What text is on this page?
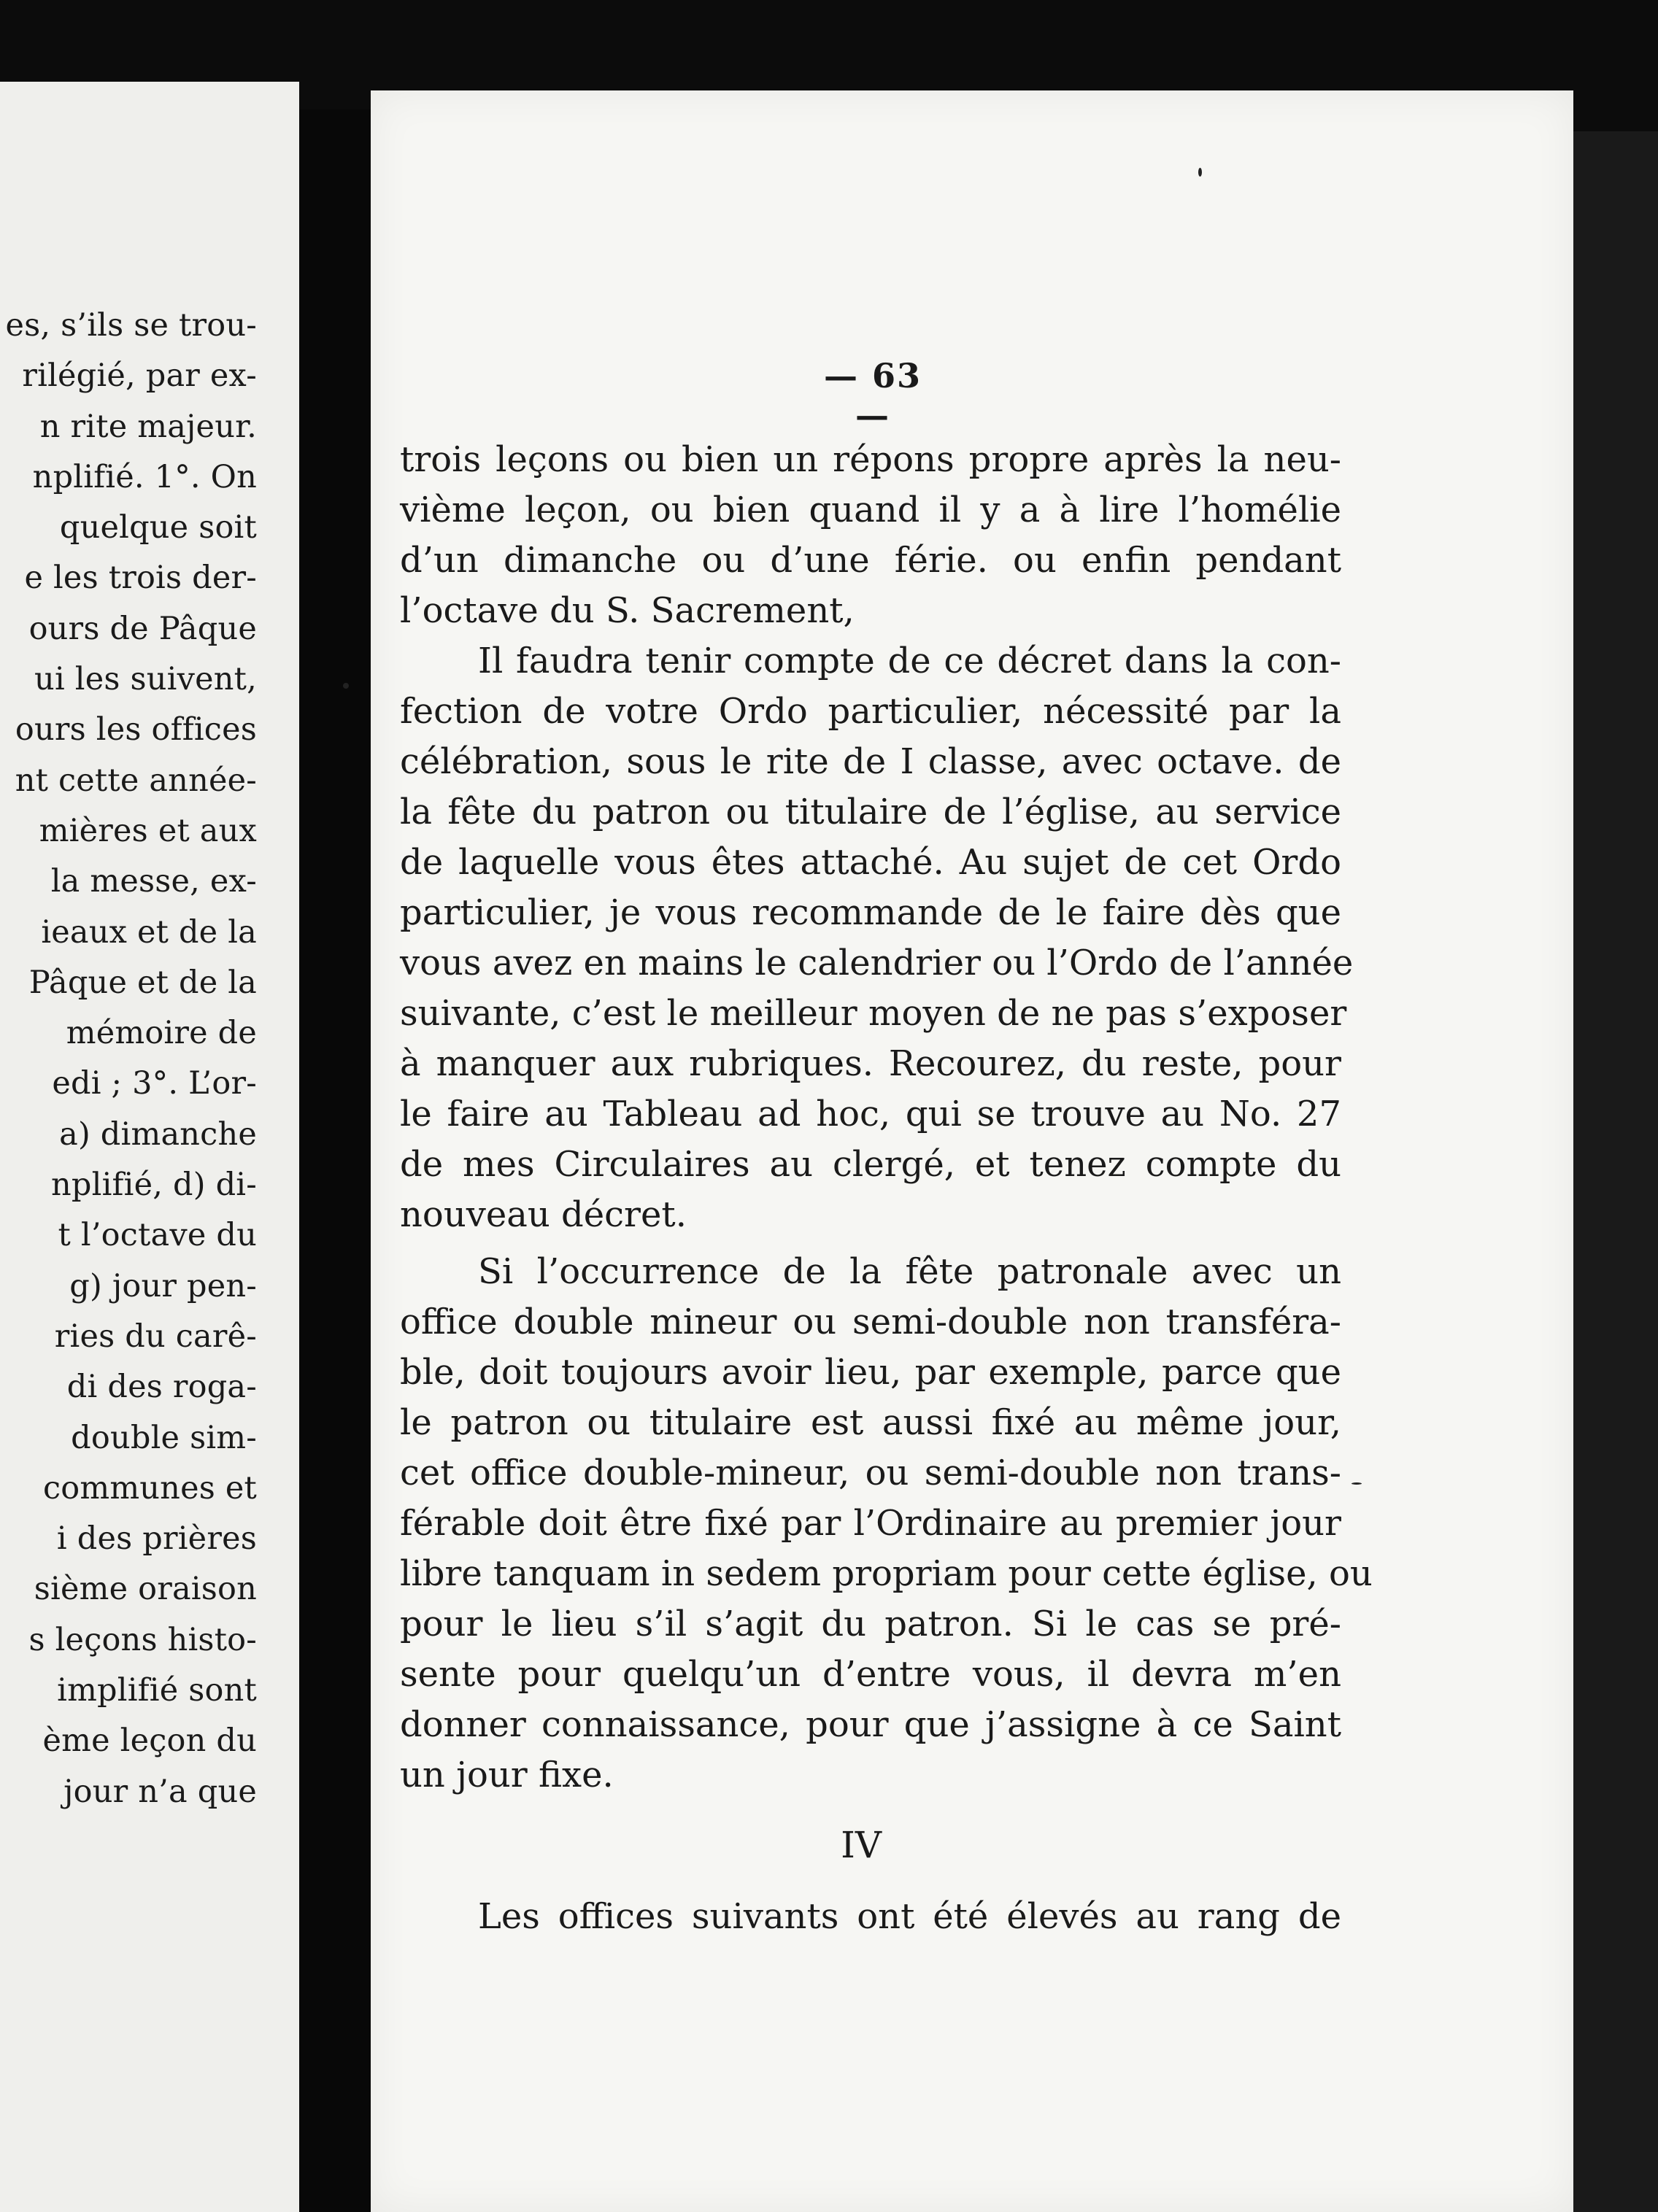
es, s’ils se trou-
rilégié, par ex-
n rite majeur.
nplifié. 1°. On
quelque soit
e les trois der-
ours de Pâque
ui les suivent,
ours les offices
nt cette année-
mières et aux
la messe, ex-
ieaux et de la
Pâque et de la
mémoire de
edi ; 3°. L’or-
a) dimanche
nplifié, d) di-
t l’octave du
g) jour pen-
ries du carê-
di des roga-
double sim-
communes et
i des prières
sième oraison
s leçons histo-
implifié sont
ème leçon du
jour n’a que
— 63 —
trois leçons ou bien un répons propre après la neu-
vième leçon, ou bien quand il y a à lire l’homélie
d’un dimanche ou d’une férie. ou enfin pendant
l’octave du S. Sacrement,
Il faudra tenir compte de ce décret dans la con-
fection de votre Ordo particulier, nécessité par la
célébration, sous le rite de I classe, avec octave. de
la fête du patron ou titulaire de l’église, au service
de laquelle vous êtes attaché. Au sujet de cet Ordo
particulier, je vous recommande de le faire dès que
vous avez en mains le calendrier ou l’Ordo de l’année
suivante, c’est le meilleur moyen de ne pas s’exposer
à manquer aux rubriques. Recourez, du reste, pour
le faire au Tableau ad hoc, qui se trouve au No. 27
de mes Circulaires au clergé, et tenez compte du
nouveau décret.
Si l’occurrence de la fête patronale avec un
office double mineur ou semi-double non transféra-
ble, doit toujours avoir lieu, par exemple, parce que
le patron ou titulaire est aussi fixé au même jour,
cet office double-mineur, ou semi-double non trans-
férable doit être fixé par l’Ordinaire au premier jour
libre tanquam in sedem propriam pour cette église, ou
pour le lieu s’il s’agit du patron. Si le cas se pré-
sente pour quelqu’un d’entre vous, il devra m’en
donner connaissance, pour que j’assigne à ce Saint
un jour fixe.
IV
Les offices suivants ont été élevés au rang de
